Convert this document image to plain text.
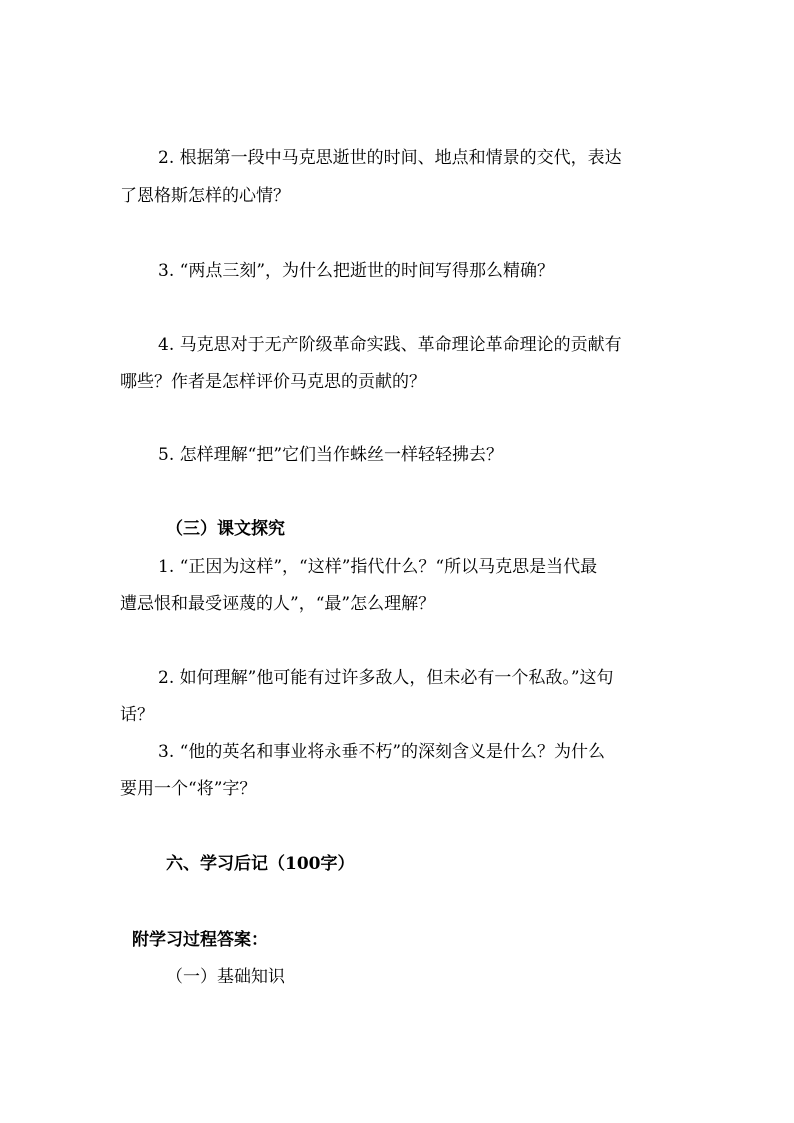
2. 根据第一段中马克思逝世的时间、地点和情景的交代，表达
了恩格斯怎样的心情？
3. “两点三刻”，为什么把逝世的时间写得那么精确？
4. 马克思对于无产阶级革命实践、革命理论革命理论的贡献有
哪些？作者是怎样评价马克思的贡献的？
5. 怎样理解“把”它们当作蛛丝一样轻轻拂去？
（三）课文探究
1. “正因为这样”，“这样”指代什么？“所以马克思是当代最
遭忌恨和最受诬蔑的人”，“最”怎么理解？
2. 如何理解”他可能有过许多敌人，但未必有一个私敌。”这句
话？
3. “他的英名和事业将永垂不朽”的深刻含义是什么？为什么
要用一个“将”字？
六、学习后记（100字）
附学习过程答案：
（一）基础知识
